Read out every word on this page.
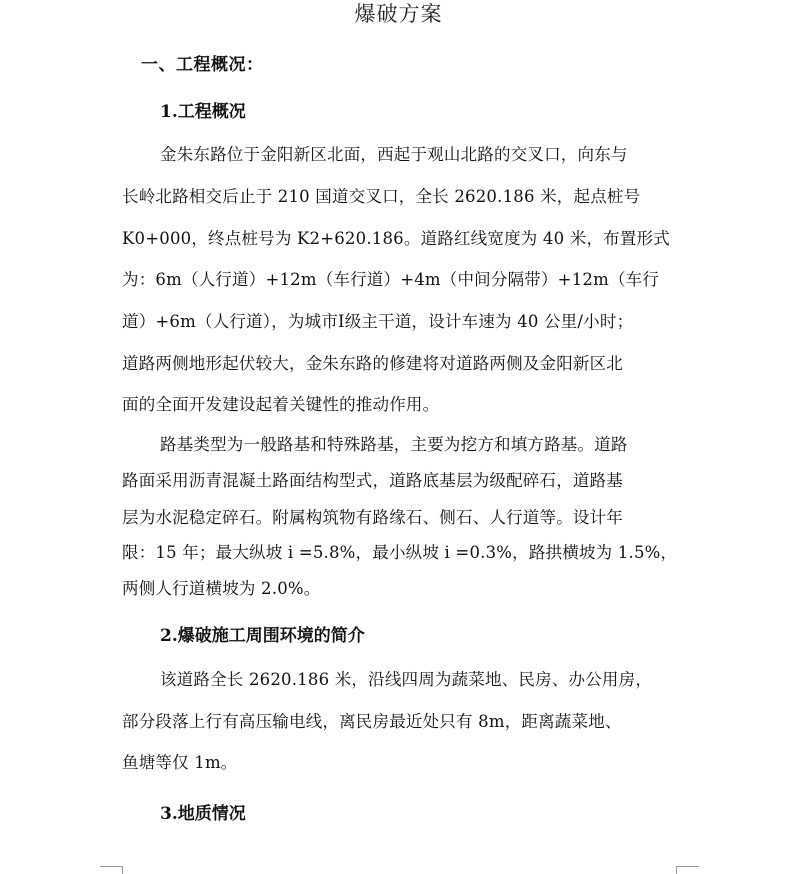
爆破方案
一、工程概况：
1.工程概况
金朱东路位于金阳新区北面，西起于观山北路的交叉口，向东与
长岭北路相交后止于 210 国道交叉口，全长 2620.186 米，起点桩号
K0+000，终点桩号为 K2+620.186。道路红线宽度为 40 米，布置形式
为：6m（人行道）+12m（车行道）+4m（中间分隔带）+12m（车行
道）+6m（人行道），为城市Ⅰ级主干道，设计车速为 40 公里/小时；
道路两侧地形起伏较大，金朱东路的修建将对道路两侧及金阳新区北
面的全面开发建设起着关键性的推动作用。
路基类型为一般路基和特殊路基，主要为挖方和填方路基。道路
路面采用沥青混凝土路面结构型式，道路底基层为级配碎石，道路基
层为水泥稳定碎石。附属构筑物有路缘石、侧石、人行道等。设计年
限：15 年；最大纵坡 i =5.8%，最小纵坡 i =0.3%，路拱横坡为 1.5%，
两侧人行道横坡为 2.0%。
2.爆破施工周围环境的简介
该道路全长 2620.186 米，沿线四周为蔬菜地、民房、办公用房，
部分段落上行有高压输电线，离民房最近处只有 8m，距离蔬菜地、
鱼塘等仅 1m。
3.地质情况
